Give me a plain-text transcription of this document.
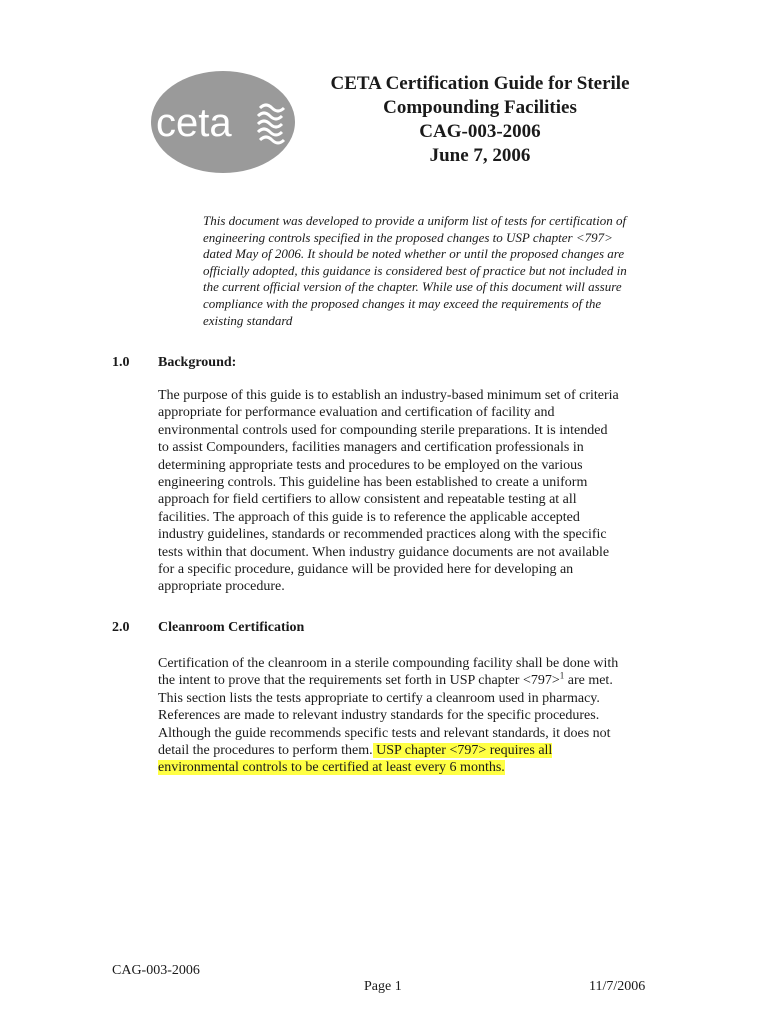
ceta
CETA Certification Guide for Sterile
Compounding Facilities
CAG-003-2006
June 7, 2006
This document was developed to provide a uniform list of tests for certification of
engineering controls specified in the proposed changes to USP chapter <797>
dated May of 2006. It should be noted whether or until the proposed changes are
officially adopted, this guidance is considered best of practice but not included in
the current official version of the chapter. While use of this document will assure
compliance with the proposed changes it may exceed the requirements of the
existing standard
1.0 Background:
The purpose of this guide is to establish an industry-based minimum set of criteria
appropriate for performance evaluation and certification of facility and
environmental controls used for compounding sterile preparations. It is intended
to assist Compounders, facilities managers and certification professionals in
determining appropriate tests and procedures to be employed on the various
engineering controls. This guideline has been established to create a uniform
approach for field certifiers to allow consistent and repeatable testing at all
facilities. The approach of this guide is to reference the applicable accepted
industry guidelines, standards or recommended practices along with the specific
tests within that document. When industry guidance documents are not available
for a specific procedure, guidance will be provided here for developing an
appropriate procedure.
2.0 Cleanroom Certification
Certification of the cleanroom in a sterile compounding facility shall be done with
the intent to prove that the requirements set forth in USP chapter <797>$^1$ are met.
This section lists the tests appropriate to certify a cleanroom used in pharmacy.
References are made to relevant industry standards for the specific procedures.
Although the guide recommends specific tests and relevant standards, it does not
detail the procedures to perform them. USP chapter <797> requires all
environmental controls to be certified at least every 6 months.
CAG-003-2006
Page 1	11/7/2006
